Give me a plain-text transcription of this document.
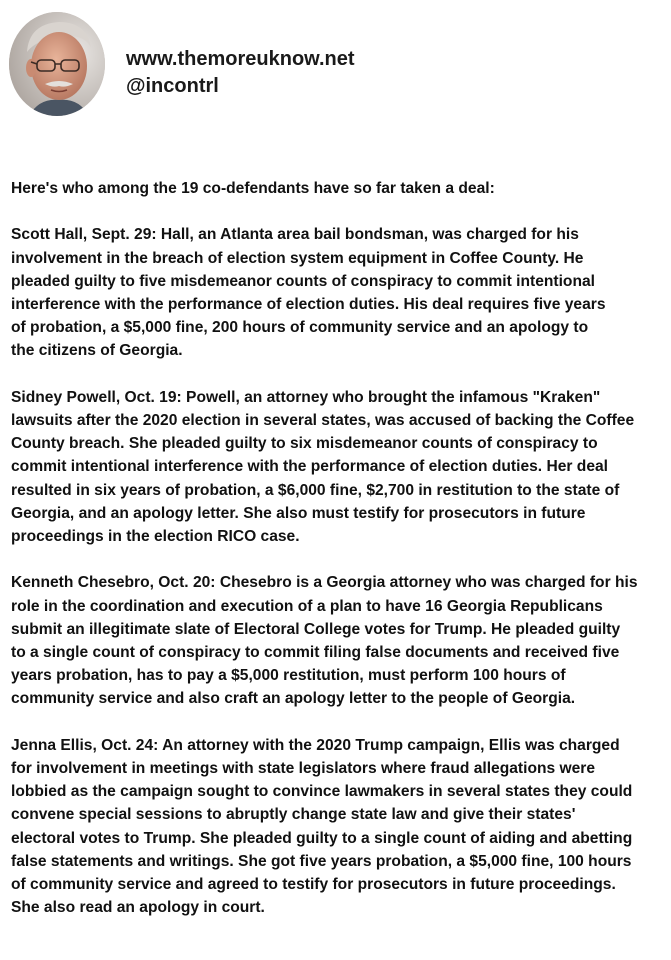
www.themoreuknow.net
@incontrl

Here's who among the 19 co-defendants have so far taken a deal:

Scott Hall, Sept. 29: Hall, an Atlanta area bail bondsman, was charged for his
involvement in the breach of election system equipment in Coffee County. He
pleaded guilty to five misdemeanor counts of conspiracy to commit intentional
interference with the performance of election duties. His deal requires five years
of probation, a $5,000 fine, 200 hours of community service and an apology to
the citizens of Georgia.

Sidney Powell, Oct. 19: Powell, an attorney who brought the infamous "Kraken"
lawsuits after the 2020 election in several states, was accused of backing the Coffee
County breach. She pleaded guilty to six misdemeanor counts of conspiracy to
commit intentional interference with the performance of election duties. Her deal
resulted in six years of probation, a $6,000 fine, $2,700 in restitution to the state of
Georgia, and an apology letter. She also must testify for prosecutors in future
proceedings in the election RICO case.

Kenneth Chesebro, Oct. 20: Chesebro is a Georgia attorney who was charged for his
role in the coordination and execution of a plan to have 16 Georgia Republicans
submit an illegitimate slate of Electoral College votes for Trump. He pleaded guilty
to a single count of conspiracy to commit filing false documents and received five
years probation, has to pay a $5,000 restitution, must perform 100 hours of
community service and also craft an apology letter to the people of Georgia.

Jenna Ellis, Oct. 24: An attorney with the 2020 Trump campaign, Ellis was charged
for involvement in meetings with state legislators where fraud allegations were
lobbied as the campaign sought to convince lawmakers in several states they could
convene special sessions to abruptly change state law and give their states'
electoral votes to Trump. She pleaded guilty to a single count of aiding and abetting
false statements and writings. She got five years probation, a $5,000 fine, 100 hours
of community service and agreed to testify for prosecutors in future proceedings.
She also read an apology in court.
